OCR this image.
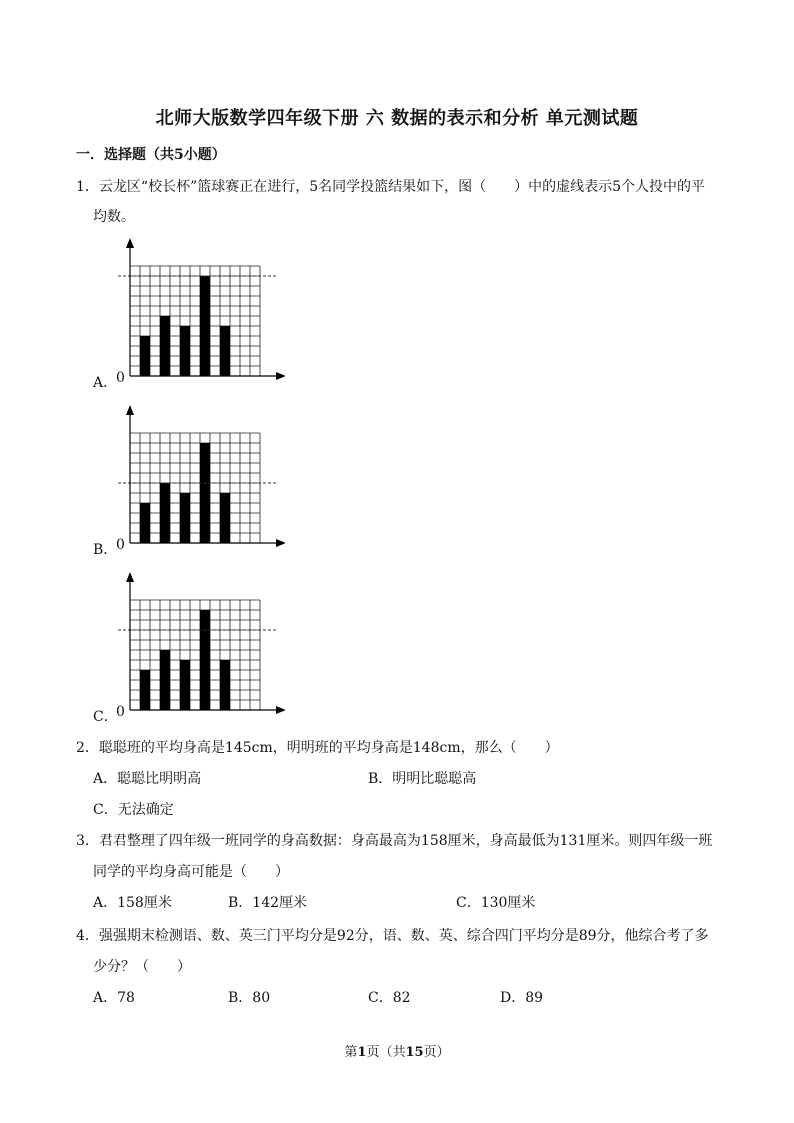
北师大版数学四年级下册 六 数据的表示和分析 单元测试题
一．选择题（共5小题）
1．云龙区“校长杯”篮球赛正在进行，5名同学投篮结果如下，图（　　）中的虚线表示5个人投中的平
均数。
A．
0
B．
0
C．
0
2．聪聪班的平均身高是145cm，明明班的平均身高是148cm，那么（　　）
A．聪聪比明明高	B．明明比聪聪高
C．无法确定
3．君君整理了四年级一班同学的身高数据：身高最高为158厘米，身高最低为131厘米。则四年级一班
同学的平均身高可能是（　　）
A．158厘米	B．142厘米	C．130厘米
4．强强期末检测语、数、英三门平均分是92分，语、数、英、综合四门平均分是89分，他综合考了多
少分？（　　）
A．78	B．80	C．82	D．89
第1页（共15页）
